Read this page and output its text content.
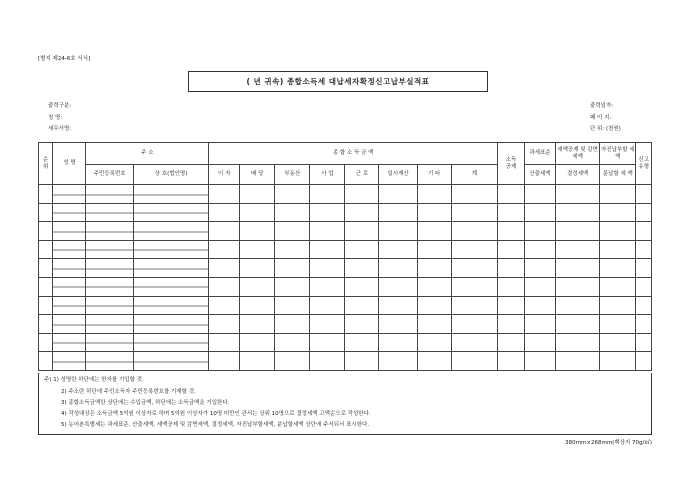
[별지 제24-6호 서식]
( 년 귀속) 종합소득세 대납세자확정신고납부실적표
출력구분:
청 명:
세무서명:
출력일자:
페 이 지:
단 위: (천원)
순위	성 명	주 소		종 합 소 득 금 액								소득공제	과세표준	세액공제 및 감면세액	자진납부할 세 액	신고유형
		주민등록번호	상 호(법인명)	이 자	배 당	부동산	사 업	근 로	일시재산	기 타	계		산출세액	결정세액	분납할 세 액	

주) 1) 성명란 하단에는 한자를 기입할 것.
2) 주소란 하단에 주민소득자 주민등록번호를 기재할 것.
3) 종합소득금액란 상단에는 수입금액, 하단에는 소득금액을 기입한다.
4) 작성대상은 소득금액 5억원 이상자로 하며 5억원 이상자가 10명 미만인 관서는 상위 10명으로 결정세액 고액순으로 작성한다.
5) 농어촌특별세는 과세표준, 산출세액, 세액공제 및 감면세액, 결정세액, 자진납부할세액, 분납할세액 상단에 주서되서 표시한다.
380mm×268mm(백상지 70g/㎡)
